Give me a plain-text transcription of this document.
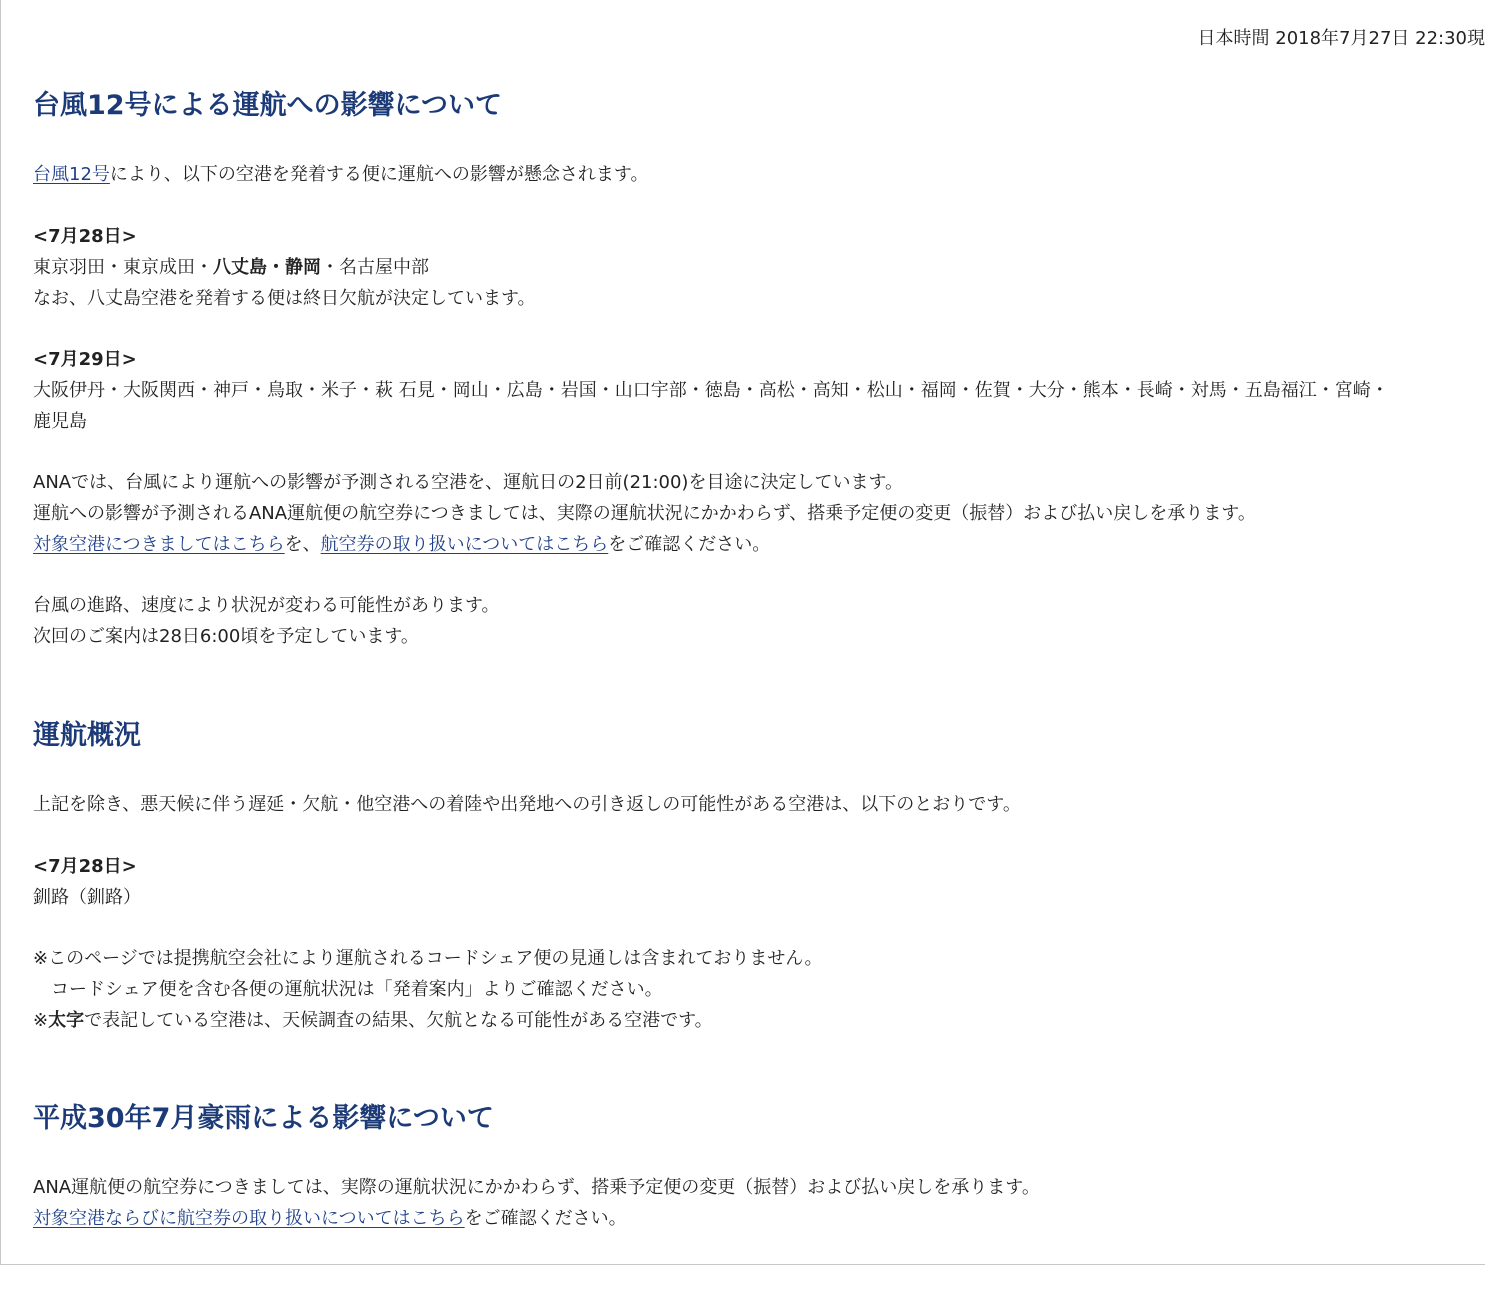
日本時間 2018年7月27日 22:30現
台風12号による運航への影響について
台風12号により、以下の空港を発着する便に運航への影響が懸念されます。
<7月28日>
東京羽田・東京成田・八丈島・静岡・名古屋中部
なお、八丈島空港を発着する便は終日欠航が決定しています。
<7月29日>
大阪伊丹・大阪関西・神戸・鳥取・米子・萩 石見・岡山・広島・岩国・山口宇部・徳島・高松・高知・松山・福岡・佐賀・大分・熊本・長崎・対馬・五島福江・宮崎・
鹿児島
ANAでは、台風により運航への影響が予測される空港を、運航日の2日前(21:00)を目途に決定しています。
運航への影響が予測されるANA運航便の航空券につきましては、実際の運航状況にかかわらず、搭乗予定便の変更（振替）および払い戻しを承ります。
対象空港につきましてはこちらを、航空券の取り扱いについてはこちらをご確認ください。
台風の進路、速度により状況が変わる可能性があります。
次回のご案内は28日6:00頃を予定しています。
運航概況
上記を除き、悪天候に伴う遅延・欠航・他空港への着陸や出発地への引き返しの可能性がある空港は、以下のとおりです。
<7月28日>
釧路（釧路）
※このページでは提携航空会社により運航されるコードシェア便の見通しは含まれておりません。
　コードシェア便を含む各便の運航状況は「発着案内」よりご確認ください。
※太字で表記している空港は、天候調査の結果、欠航となる可能性がある空港です。
平成30年7月豪雨による影響について
ANA運航便の航空券につきましては、実際の運航状況にかかわらず、搭乗予定便の変更（振替）および払い戻しを承ります。
対象空港ならびに航空券の取り扱いについてはこちらをご確認ください。
